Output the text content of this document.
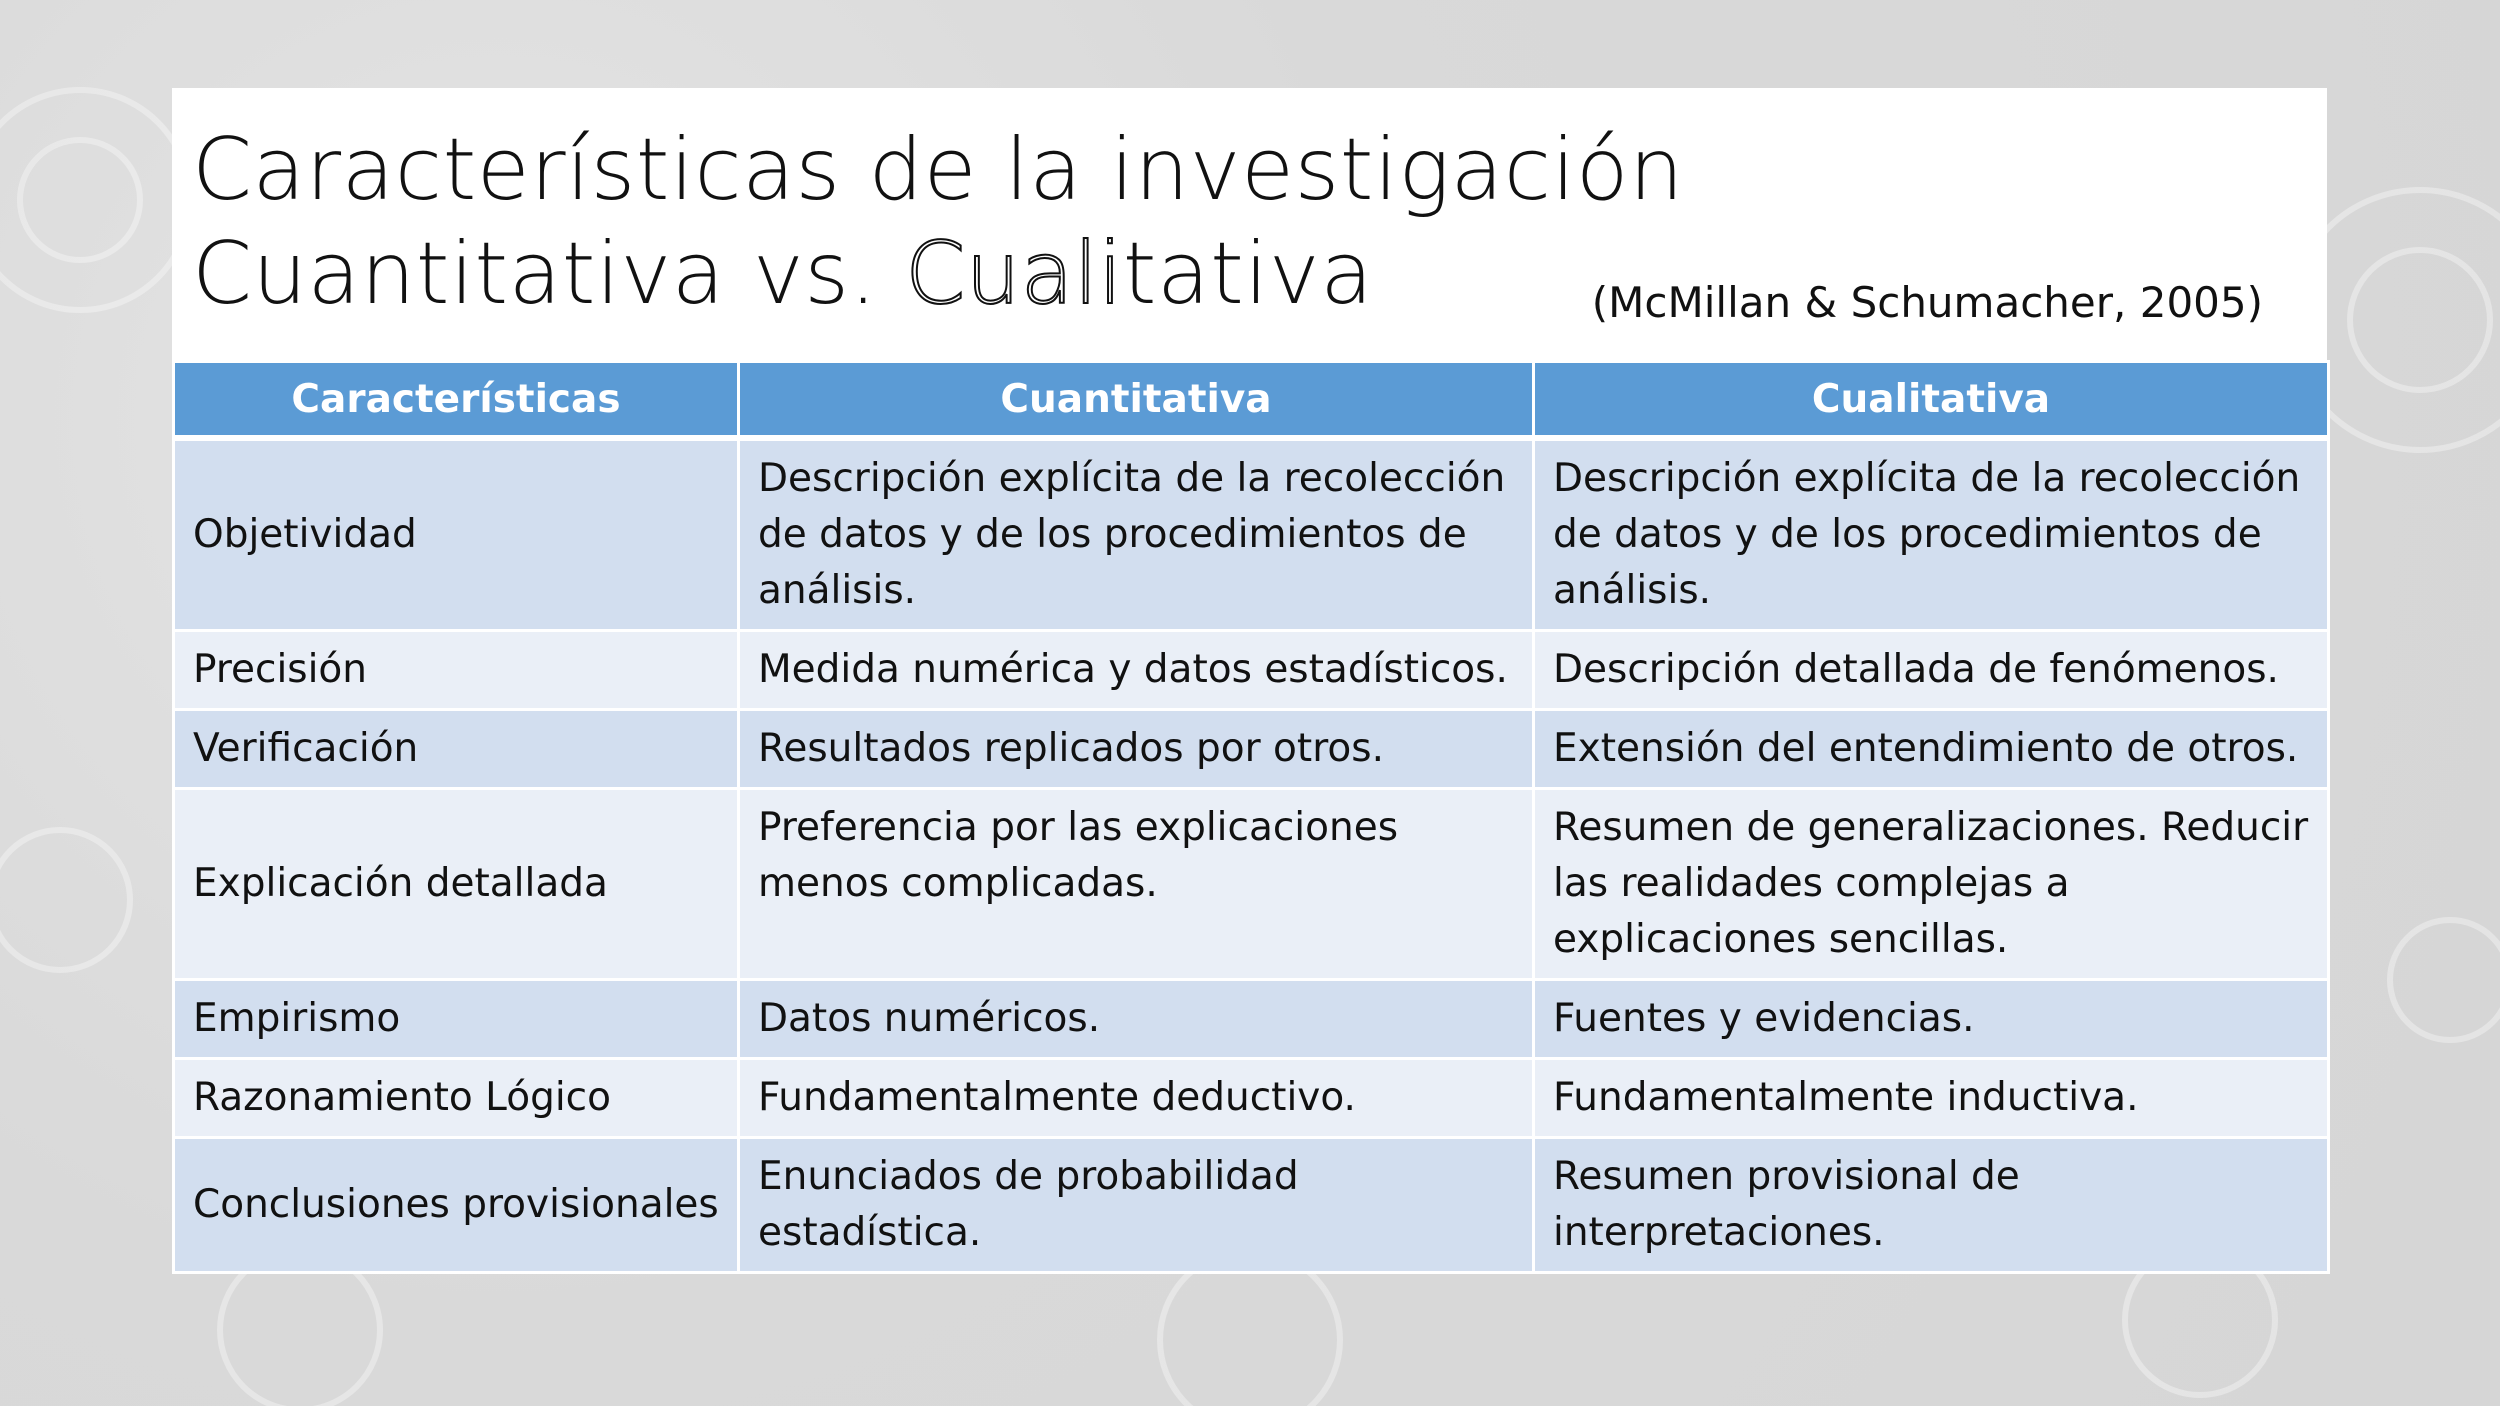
Características de la investigación
Cuantitativa vs. Cualitativa	(McMillan & Schumacher, 2005)
Características	Cuantitativa	Cualitativa
Objetividad	Descripción explícita de la recolección de datos y de los procedimientos de análisis.	Descripción explícita de la recolección de datos y de los procedimientos de análisis.
Precisión	Medida numérica y datos estadísticos.	Descripción detallada de fenómenos.
Verificación	Resultados replicados por otros.	Extensión del entendimiento de otros.
Explicación detallada	Preferencia por las explicaciones menos complicadas.	Resumen de generalizaciones. Reducir las realidades complejas a explicaciones sencillas.
Empirismo	Datos numéricos.	Fuentes y evidencias.
Razonamiento Lógico	Fundamentalmente deductivo.	Fundamentalmente inductiva.
Conclusiones provisionales	Enunciados de probabilidad estadística.	Resumen provisional de interpretaciones.
